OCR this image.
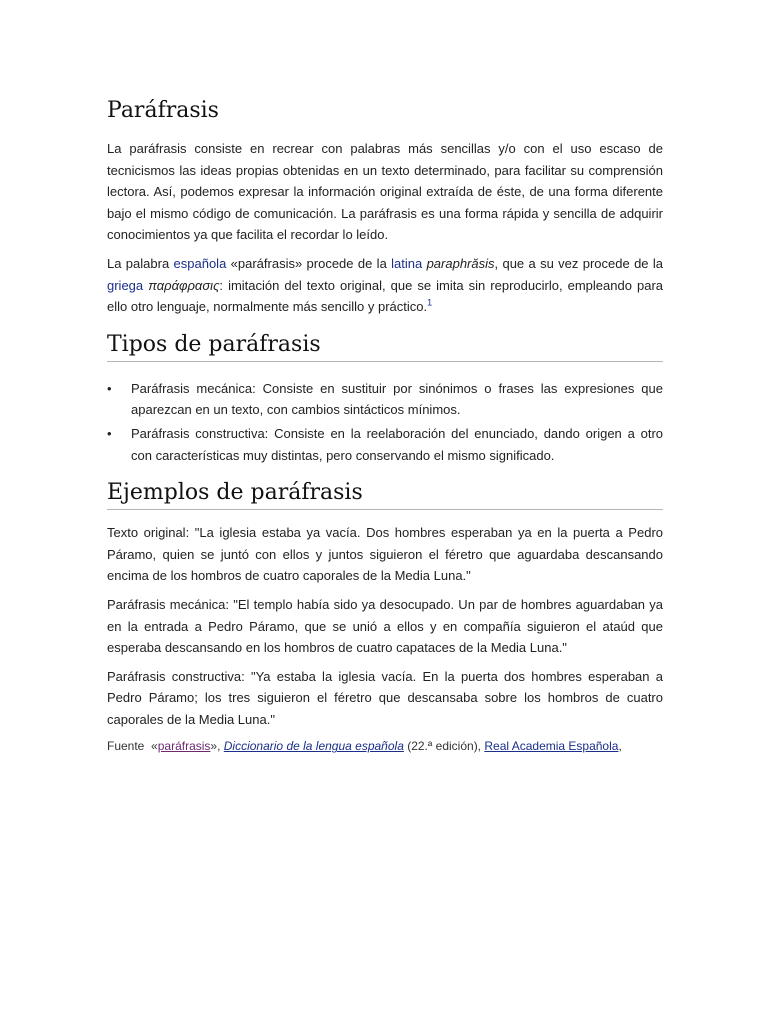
Paráfrasis

La paráfrasis consiste en recrear con palabras más sencillas y/o con el uso escaso de tecnicismos las ideas propias obtenidas en un texto determinado, para facilitar su comprensión lectora. Así, podemos expresar la información original extraída de éste, de una forma diferente bajo el mismo código de comunicación. La paráfrasis es una forma rápida y sencilla de adquirir conocimientos ya que facilita el recordar lo leído.

La palabra española «paráfrasis» procede de la latina paraphrăsis, que a su vez procede de la griega παράφρασις: imitación del texto original, que se imita sin reproducirlo, empleando para ello otro lenguaje, normalmente más sencillo y práctico.$^1$

Tipos de paráfrasis
•	Paráfrasis mecánica: Consiste en sustituir por sinónimos o frases las expresiones que aparezcan en un texto, con cambios sintácticos mínimos.
•	Paráfrasis constructiva: Consiste en la reelaboración del enunciado, dando origen a otro con características muy distintas, pero conservando el mismo significado.
Ejemplos de paráfrasis

Texto original: "La iglesia estaba ya vacía. Dos hombres esperaban ya en la puerta a Pedro Páramo, quien se juntó con ellos y juntos siguieron el féretro que aguardaba descansando encima de los hombros de cuatro caporales de la Media Luna."

Paráfrasis mecánica: "El templo había sido ya desocupado. Un par de hombres aguardaban ya en la entrada a Pedro Páramo, que se unió a ellos y en compañía siguieron el ataúd que esperaba descansando en los hombros de cuatro capataces de la Media Luna."

Paráfrasis constructiva: "Ya estaba la iglesia vacía. En la puerta dos hombres esperaban a Pedro Páramo; los tres siguieron el féretro que descansaba sobre los hombros de cuatro caporales de la Media Luna."

Fuente «paráfrasis», Diccionario de la lengua española (22.ª edición), Real Academia Española,
